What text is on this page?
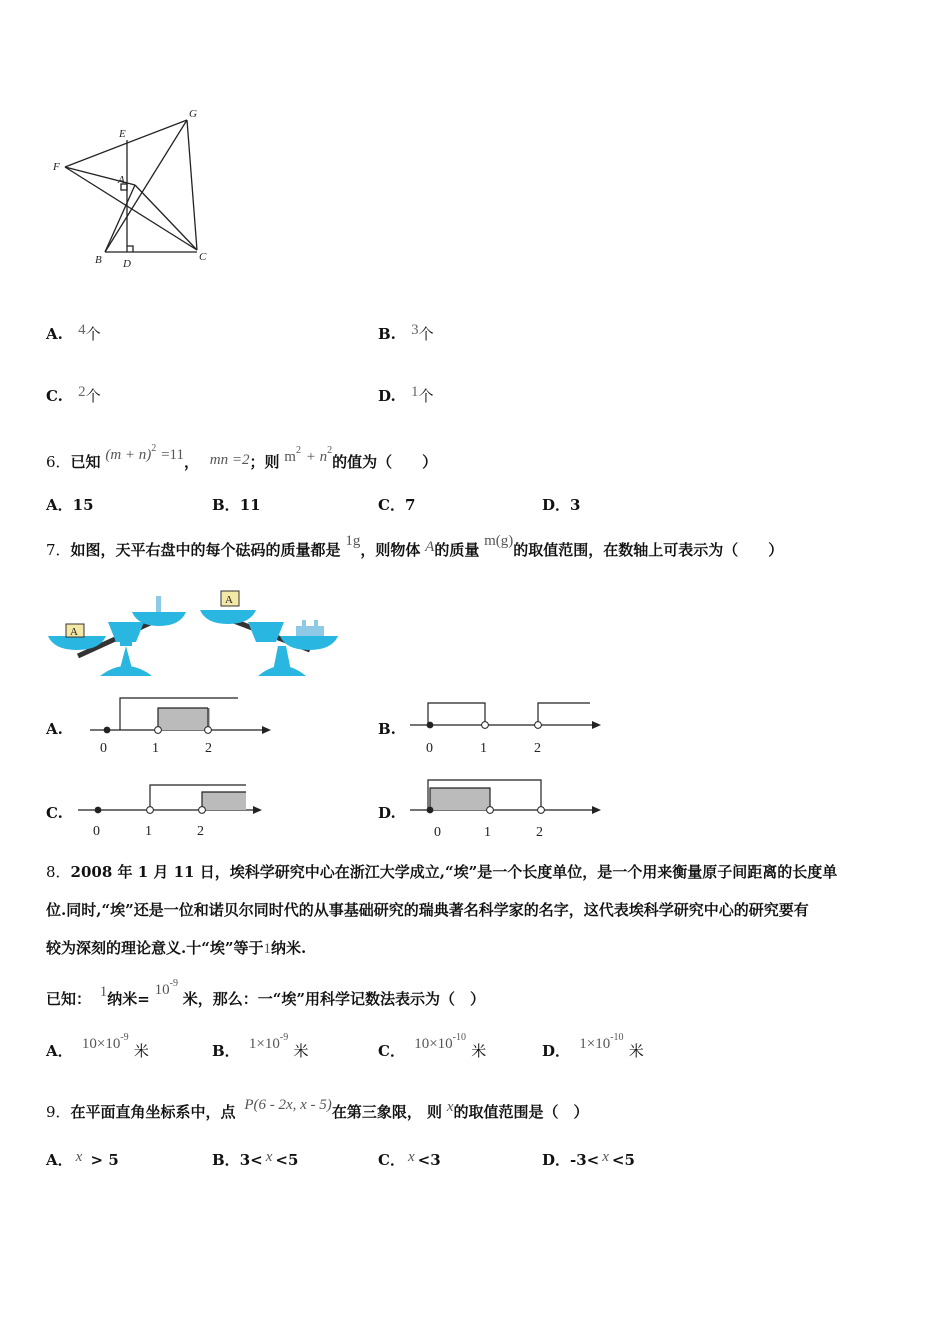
G
E
F
A
B D
C
A. 4个	B. 3个
C. 2个	D. 1个
6．已知 $(m + n)^2 =11$， mn =2；则 $m^2 + n^2$的值为（　　）
A．15	B．11	C．7	D．3
7．如图，天平右盘中的每个砝码的质量都是 1g，则物体 A的质量 m(g)的取值范围，在数轴上可表示为（　　）
A
A
A.
0	1	2
B.
0	1	2
C.
0	1	2
D.
0	1	2
8．2008 年 1 月 11 日，埃科学研究中心在浙江大学成立,“埃”是一个长度单位，是一个用来衡量原子间距离的长度单
位.同时,“埃”还是一位和诺贝尔同时代的从事基础研究的瑞典著名科学家的名字，这代表埃科学研究中心的研究要有
较为深刻的理论意义.十“埃”等于1纳米.
已知： 1纳米= $10^{-9}$ 米，那么：一“埃”用科学记数法表示为（　）
A． $10\times 10^{-9}$ 米	B． $1\times 10^{-9}$ 米	C． $10\times 10^{-10}$ 米	D． $1\times 10^{-10}$ 米
9．在平面直角坐标系中，点 P(6 - 2x, x - 5)在第三象限， 则 x的取值范围是（　）
A． x > 5	B．3< x <5	C． x <3	D．-3< x <5
